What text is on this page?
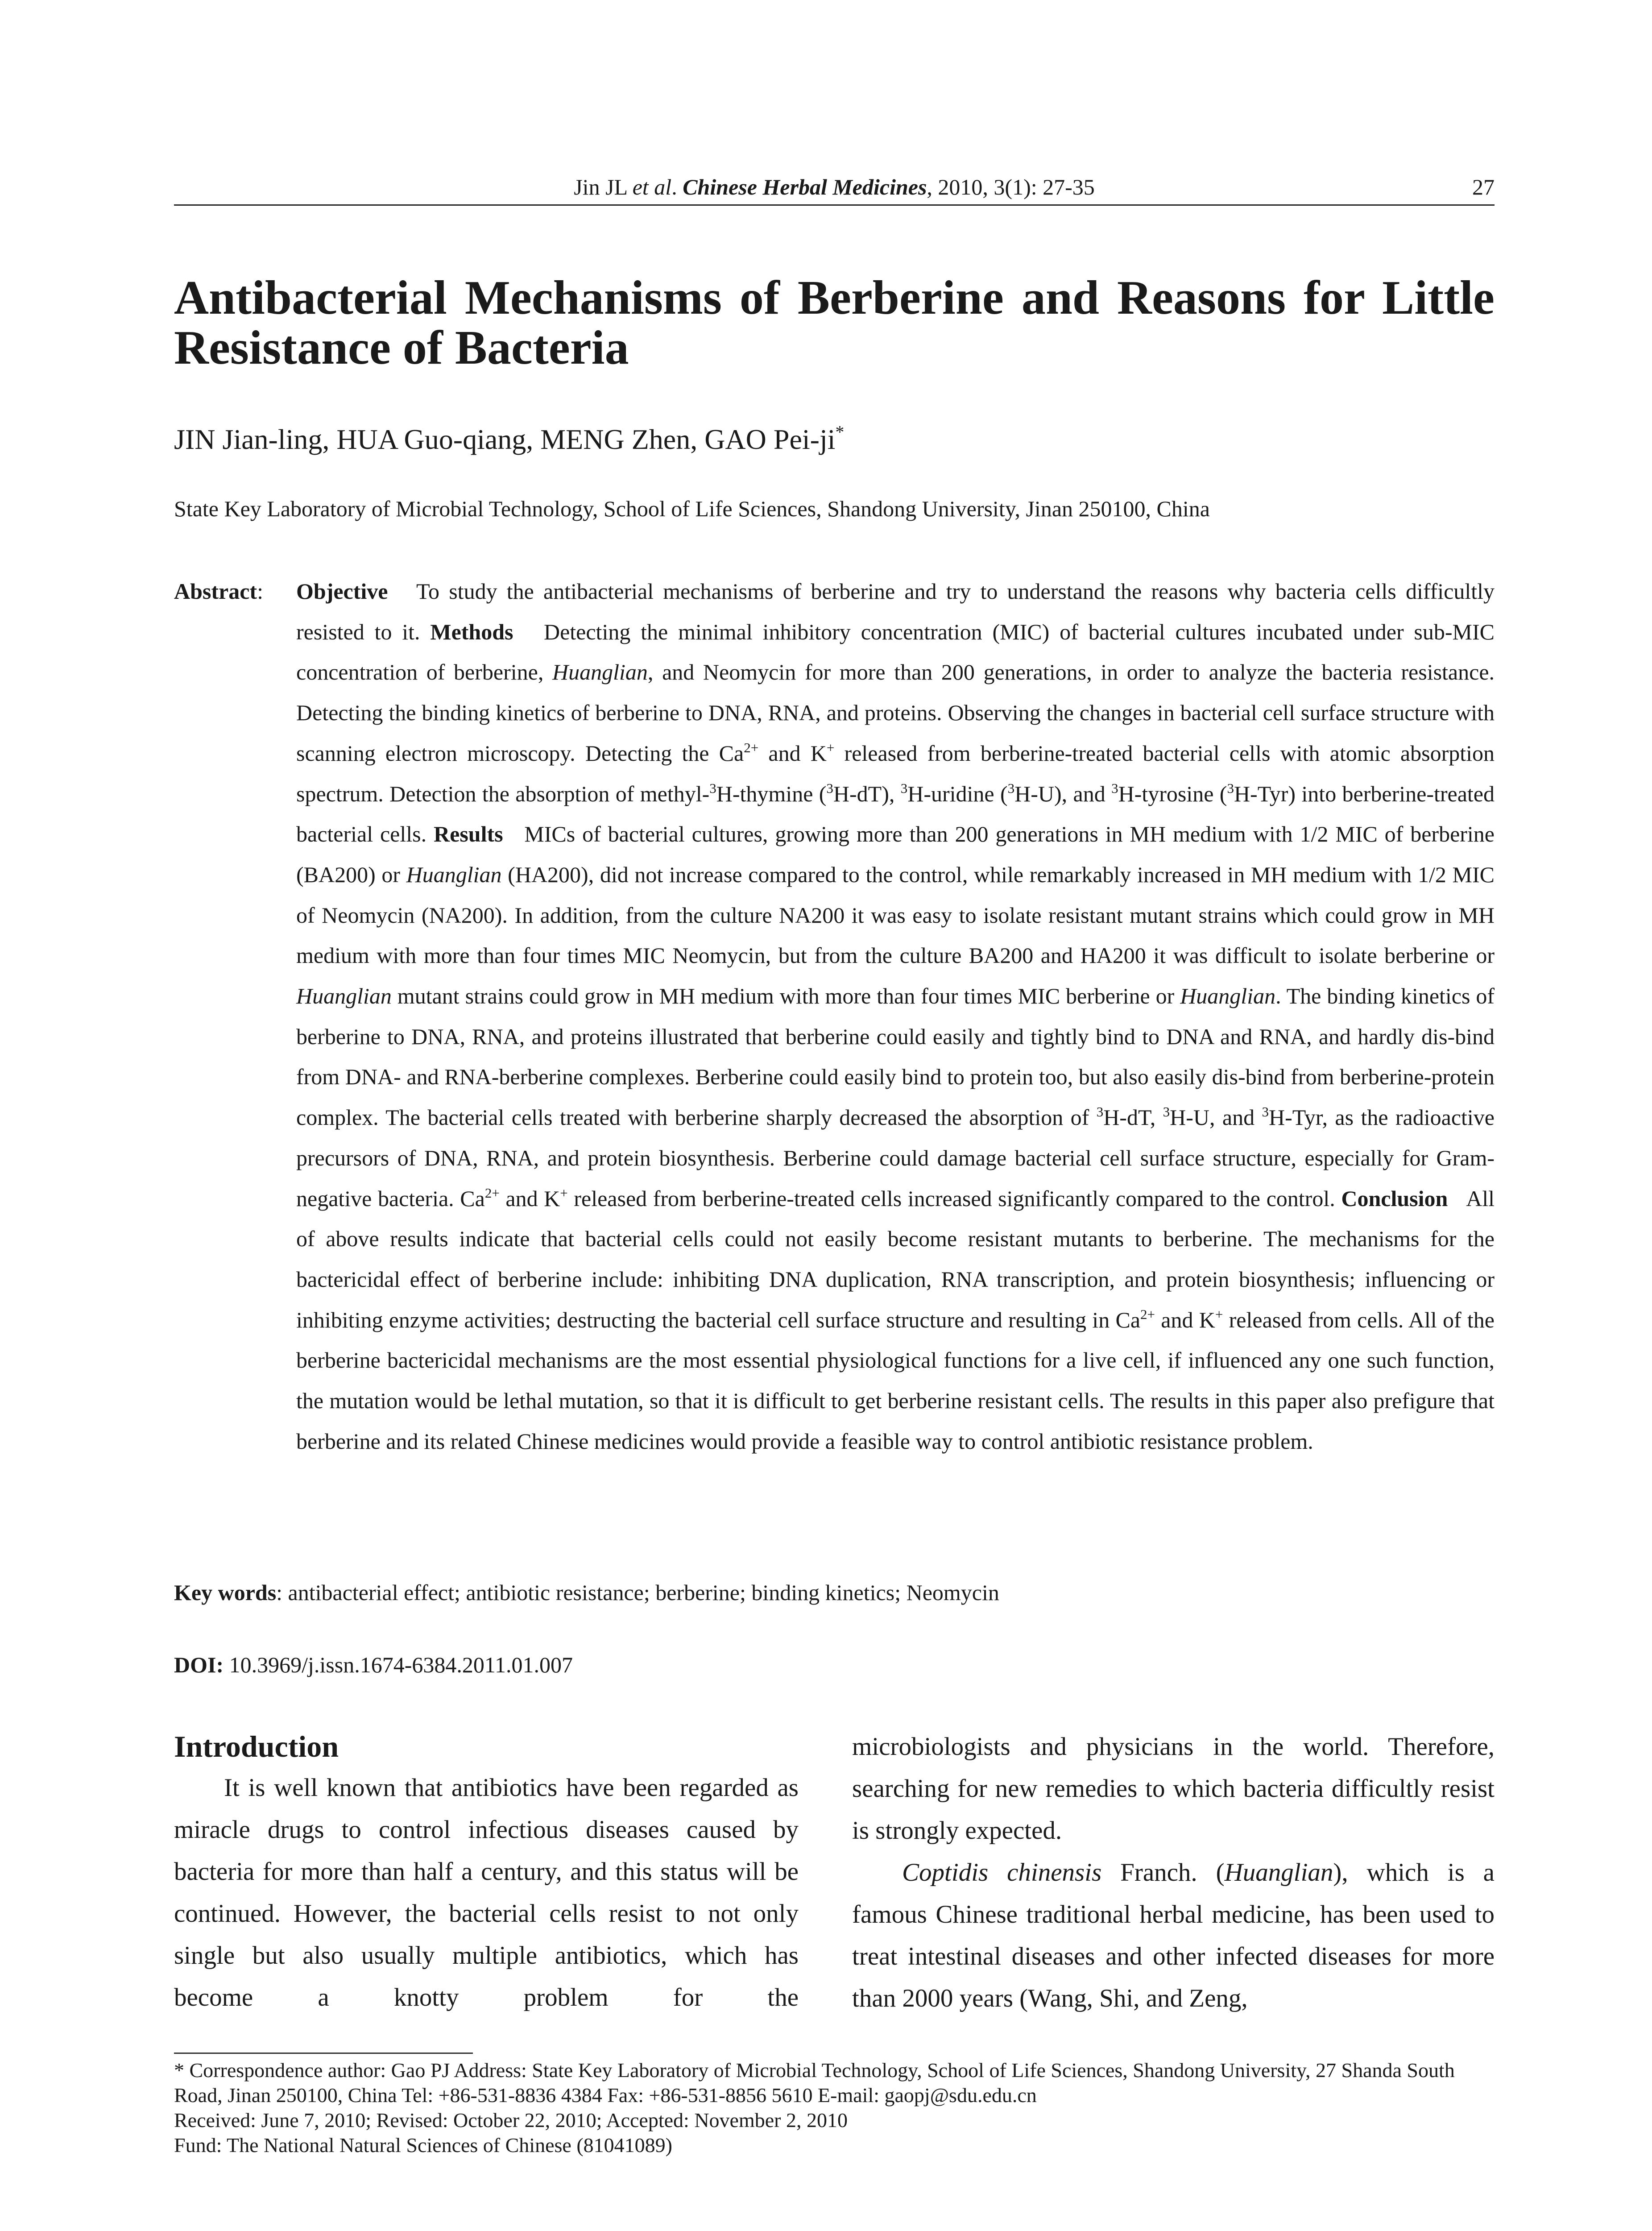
Jin JL et al. Chinese Herbal Medicines, 2010, 3(1): 27-35	27
Antibacterial Mechanisms of Berberine and Reasons for Little Resistance of Bacteria
JIN Jian-ling, HUA Guo-qiang, MENG Zhen, GAO Pei-ji*
State Key Laboratory of Microbial Technology, School of Life Sciences, Shandong University, Jinan 250100, China
Abstract: Objective To study the antibacterial mechanisms of berberine and try to understand the reasons why bacteria cells difficultly resisted to it. Methods Detecting the minimal inhibitory concentration (MIC) of bacterial cultures incubated under sub-MIC concentration of berberine, Huanglian, and Neomycin for more than 200 generations, in order to analyze the bacteria resistance. Detecting the binding kinetics of berberine to DNA, RNA, and proteins. Observing the changes in bacterial cell surface structure with scanning electron microscopy. Detecting the $Ca^{2+}$ and K+ released from berberine-treated bacterial cells with atomic absorption spectrum. Detection the absorption of methyl-$^3$H-thymine ($^3$H-dT), $^3$H-uridine ($^3$H-U), and $^3$H-tyrosine ($^3$H-Tyr) into berberine-treated bacterial cells. Results MICs of bacterial cultures, growing more than 200 generations in MH medium with 1/2 MIC of berberine (BA200) or Huanglian (HA200), did not increase compared to the control, while remarkably increased in MH medium with 1/2 MIC of Neomycin (NA200). In addition, from the culture NA200 it was easy to isolate resistant mutant strains which could grow in MH medium with more than four times MIC Neomycin, but from the culture BA200 and HA200 it was difficult to isolate berberine or Huanglian mutant strains could grow in MH medium with more than four times MIC berberine or Huanglian. The binding kinetics of berberine to DNA, RNA, and proteins illustrated that berberine could easily and tightly bind to DNA and RNA, and hardly dis-bind from DNA- and RNA-berberine complexes. Berberine could easily bind to protein too, but also easily dis-bind from berberine-protein complex. The bacterial cells treated with berberine sharply decreased the absorption of $^3$H-dT, $^3$H-U, and $^3$H-Tyr, as the radioactive precursors of DNA, RNA, and protein biosynthesis. Berberine could damage bacterial cell surface structure, especially for Gram-negative bacteria. $Ca^{2+}$ and K+ released from berberine-treated cells increased significantly compared to the control. Conclusion All of above results indicate that bacterial cells could not easily become resistant mutants to berberine. The mechanisms for the bactericidal effect of berberine include: inhibiting DNA duplication, RNA transcription, and protein biosynthesis; influencing or inhibiting enzyme activities; destructing the bacterial cell surface structure and resulting in $Ca^{2+}$ and K+ released from cells. All of the berberine bactericidal mechanisms are the most essential physiological functions for a live cell, if influenced any one such function, the mutation would be lethal mutation, so that it is difficult to get berberine resistant cells. The results in this paper also prefigure that berberine and its related Chinese medicines would provide a feasible way to control antibiotic resistance problem.

Key words: antibacterial effect; antibiotic resistance; berberine; binding kinetics; Neomycin
DOI: 10.3969/j.issn.1674-6384.2011.01.007
Introduction

It is well known that antibiotics have been regarded as miracle drugs to control infectious diseases caused by bacteria for more than half a century, and this status will be continued. However, the bacterial cells resist to not only single but also usually multiple antibiotics, which has become a knotty problem for the

microbiologists and physicians in the world. Therefore, searching for new remedies to which bacteria difficultly resist is strongly expected.

Coptidis chinensis Franch. (Huanglian), which is a famous Chinese traditional herbal medicine, has been used to treat intestinal diseases and other infected diseases for more than 2000 years (Wang, Shi, and Zeng,

* Correspondence author: Gao PJ Address: State Key Laboratory of Microbial Technology, School of Life Sciences, Shandong University, 27 Shanda South Road, Jinan 250100, China Tel: +86-531-8836 4384 Fax: +86-531-8856 5610 E-mail: gaopj@sdu.edu.cn

Received: June 7, 2010; Revised: October 22, 2010; Accepted: November 2, 2010

Fund: The National Natural Sciences of Chinese (81041089)
